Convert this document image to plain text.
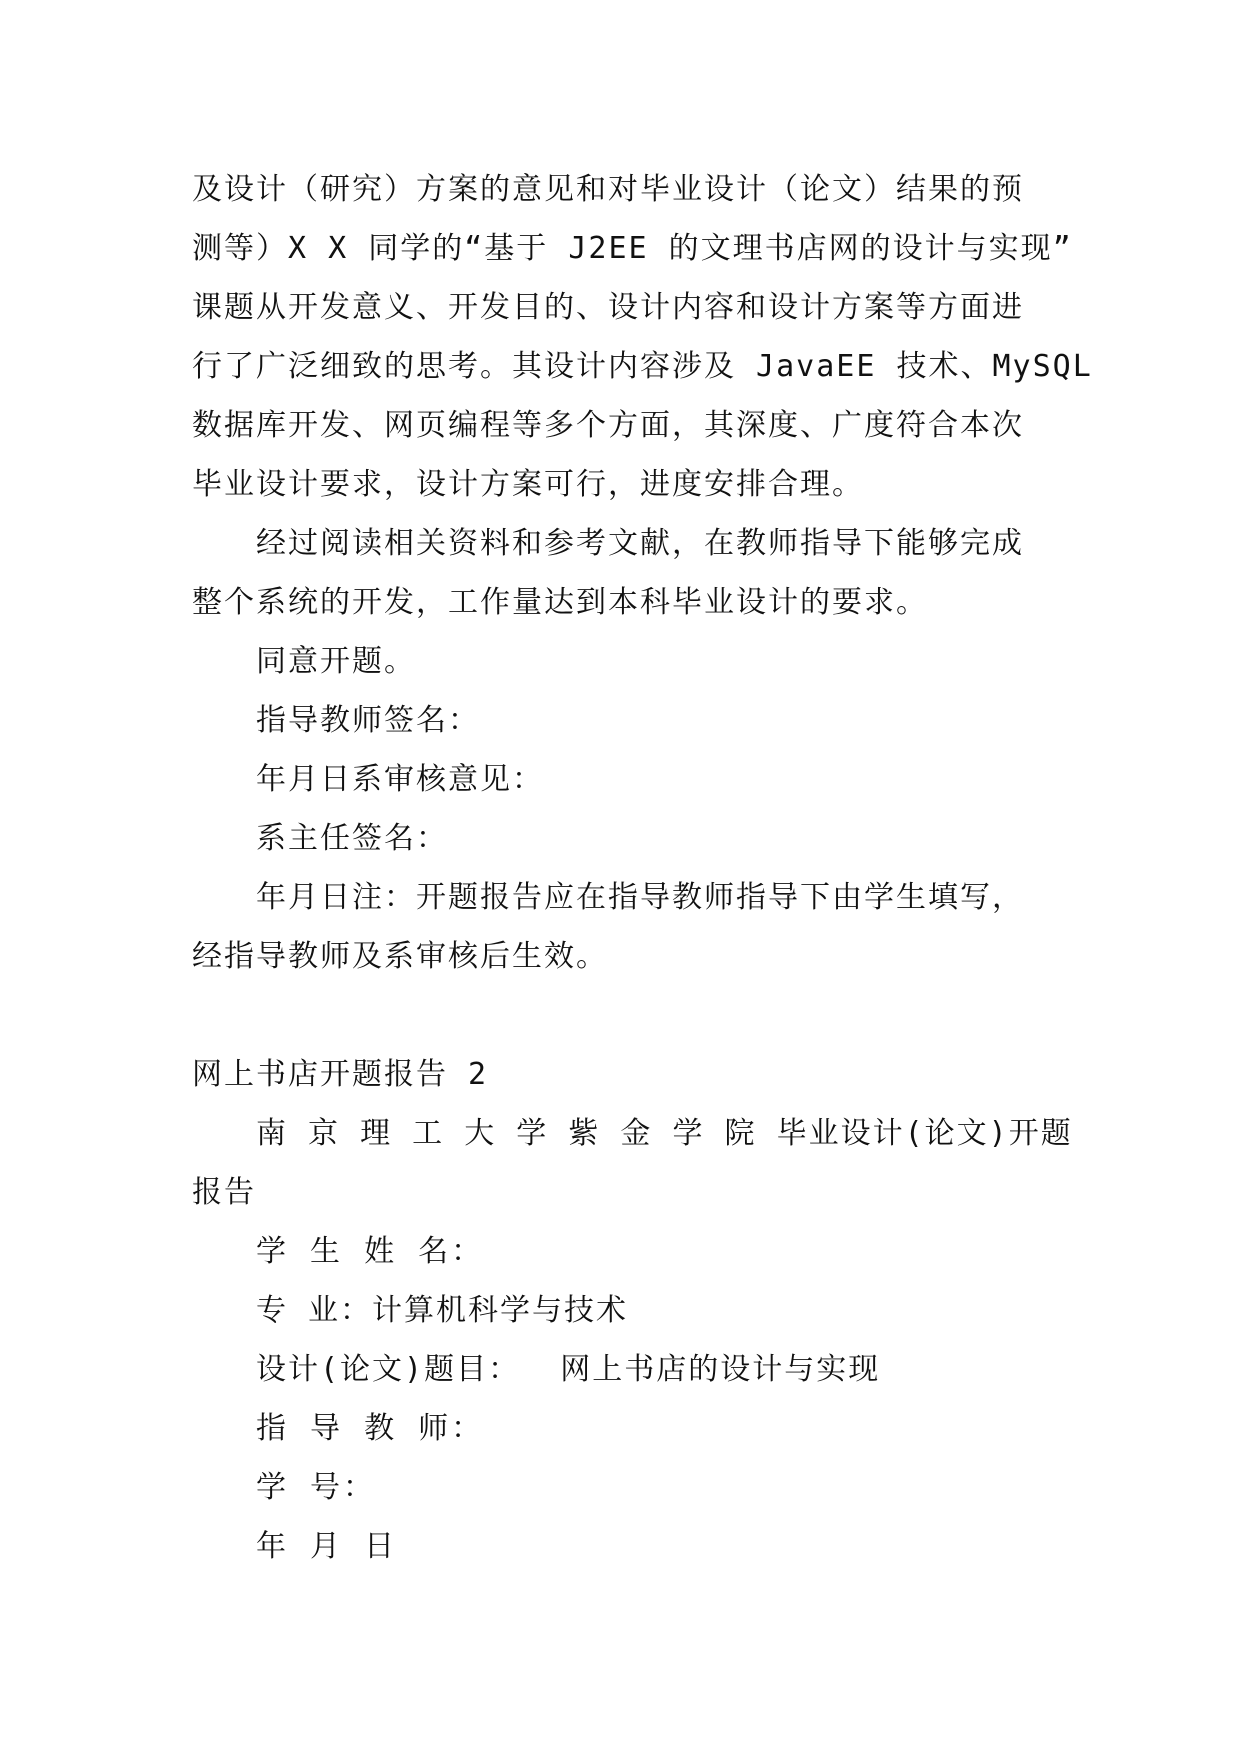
及设计（研究）方案的意见和对毕业设计（论文）结果的预
测等）X X 同学的“基于 J2EE 的文理书店网的设计与实现”
课题从开发意义、开发目的、设计内容和设计方案等方面进
行了广泛细致的思考。其设计内容涉及 JavaEE 技术、MySQL
数据库开发、网页编程等多个方面，其深度、广度符合本次
毕业设计要求，设计方案可行，进度安排合理。
经过阅读相关资料和参考文献，在教师指导下能够完成
整个系统的开发，工作量达到本科毕业设计的要求。
同意开题。
指导教师签名：
年月日系审核意见：
系主任签名：
年月日注：开题报告应在指导教师指导下由学生填写，
经指导教师及系审核后生效。
网上书店开题报告 2
南 京 理 工 大 学 紫 金 学 院 毕业设计(论文)开题
报告
学 生 姓 名：
专 业：计算机科学与技术
设计(论文)题目：  网上书店的设计与实现
指 导 教 师：
学 号：
年 月 日
